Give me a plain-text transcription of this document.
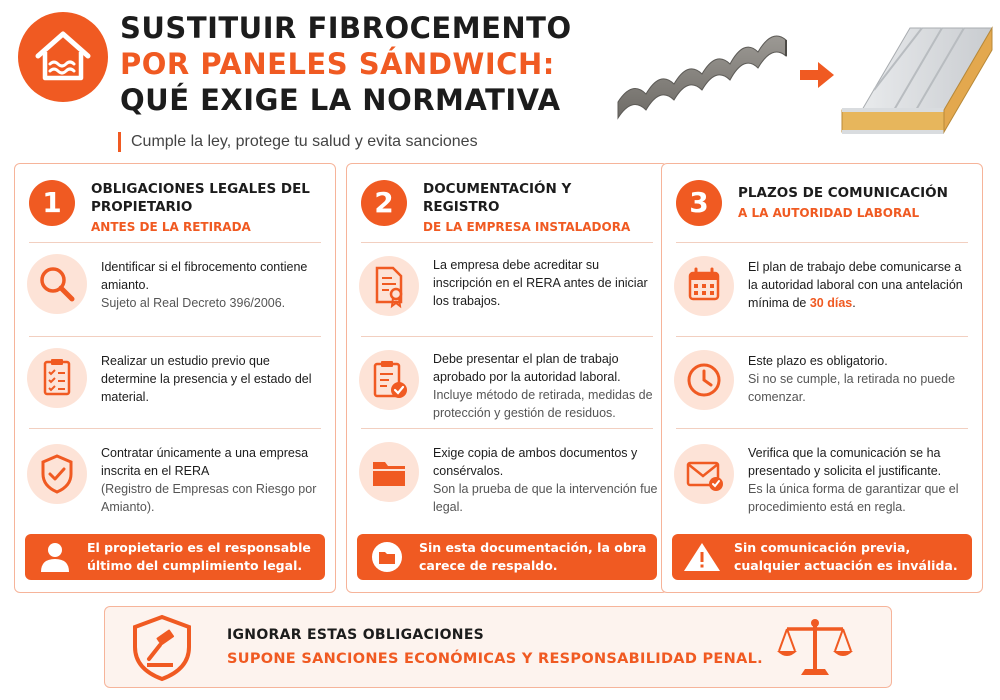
SUSTITUIR FIBROCEMENTO
POR PANELES SÁNDWICH:
QUÉ EXIGE LA NORMATIVA
Cumple la ley, protege tu salud y evita sanciones
1	OBLIGACIONES LEGALES DEL PROPIETARIO
ANTES DE LA RETIRADA
Identificar si el fibrocemento contiene amianto.
Sujeto al Real Decreto 396/2006.
Realizar un estudio previo que determine la presencia y el estado del material.
Contratar únicamente a una empresa inscrita en el RERA
(Registro de Empresas con Riesgo por Amianto).
El propietario es el responsable último del cumplimiento legal.
2	DOCUMENTACIÓN Y REGISTRO
DE LA EMPRESA INSTALADORA
La empresa debe acreditar su inscripción en el RERA antes de iniciar los trabajos.
Debe presentar el plan de trabajo aprobado por la autoridad laboral.
Incluye método de retirada, medidas de protección y gestión de residuos.
Exige copia de ambos documentos y consérvalos.
Son la prueba de que la intervención fue legal.
Sin esta documentación, la obra carece de respaldo.
3	PLAZOS DE COMUNICACIÓN
A LA AUTORIDAD LABORAL
El plan de trabajo debe comunicarse a la autoridad laboral con una antelación mínima de 30 días.
Este plazo es obligatorio.
Si no se cumple, la retirada no puede comenzar.
Verifica que la comunicación se ha presentado y solicita el justificante.
Es la única forma de garantizar que el procedimiento está en regla.
Sin comunicación previa, cualquier actuación es inválida.
IGNORAR ESTAS OBLIGACIONES
SUPONE SANCIONES ECONÓMICAS Y RESPONSABILIDAD PENAL.
